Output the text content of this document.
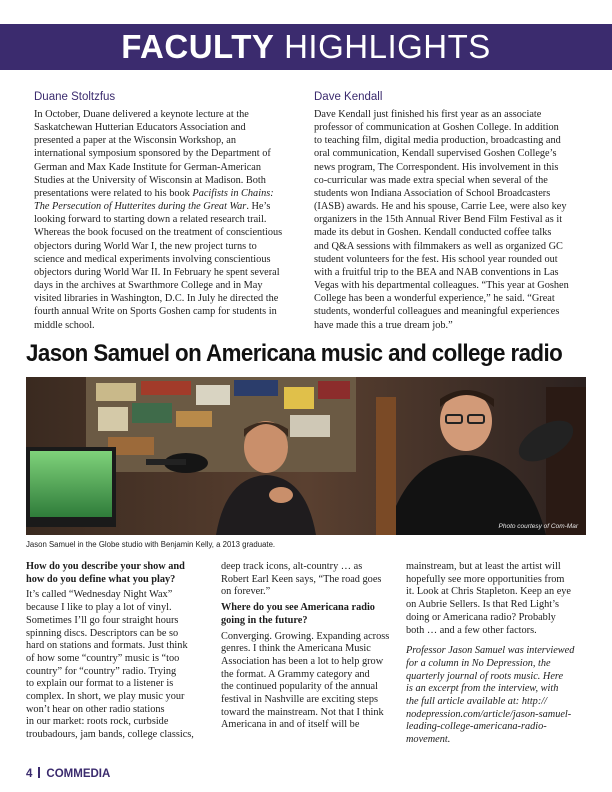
FACULTY HIGHLIGHTS
Duane Stoltzfus
In October, Duane delivered a keynote lecture at the
Saskatchewan Hutterian Educators Association and
presented a paper at the Wisconsin Workshop, an
international symposium sponsored by the Department of
German and Max Kade Institute for German-American
Studies at the University of Wisconsin at Madison. Both
presentations were related to his book Pacifists in Chains:
The Persecution of Hutterites during the Great War. He’s
looking forward to starting down a related research trail.
Whereas the book focused on the treatment of conscientious
objectors during World War I, the new project turns to
science and medical experiments involving conscientious
objectors during World War II. In February he spent several
days in the archives at Swarthmore College and in May
visited libraries in Washington, D.C. In July he directed the
fourth annual Write on Sports Goshen camp for students in
middle school.
Dave Kendall
Dave Kendall just finished his first year as an associate
professor of communication at Goshen College. In addition
to teaching film, digital media production, broadcasting and
oral communication, Kendall supervised Goshen College’s
news program, The Correspondent. His involvement in this
co-curricular was made extra special when several of the
students won Indiana Association of School Broadcasters
(IASB) awards. He and his spouse, Carrie Lee, were also key
organizers in the 15th Annual River Bend Film Festival as it
made its debut in Goshen. Kendall conducted coffee talks
and Q&A sessions with filmmakers as well as organized GC
student volunteers for the fest. His school year rounded out
with a fruitful trip to the BEA and NAB conventions in Las
Vegas with his departmental colleagues. “This year at Goshen
College has been a wonderful experience,” he said. “Great
students, wonderful colleagues and meaningful experiences
have made this a true dream job.”
Jason Samuel on Americana music and college radio
Photo courtesy of Com-Mar
Jason Samuel in the Globe studio with Benjamin Kelly, a 2013 graduate.

How do you describe your show and
how do you define what you play?

It’s called “Wednesday Night Wax”
because I like to play a lot of vinyl.
Sometimes I’ll go four straight hours
spinning discs. Descriptors can be so
hard on stations and formats. Just think
of how some “country” music is “too
country” for “country” radio. Trying
to explain our format to a listener is
complex. In short, we play music your
won’t hear on other radio stations
in our market: roots rock, curbside
troubadours, jam bands, college classics,

deep track icons, alt-country … as
Robert Earl Keen says, “The road goes
on forever.”

Where do you see Americana radio
going in the future?

Converging. Growing. Expanding across
genres. I think the Americana Music
Association has been a lot to help grow
the format. A Grammy category and
the continued popularity of the annual
festival in Nashville are exciting steps
toward the mainstream. Not that I think
Americana in and of itself will be

mainstream, but at least the artist will
hopefully see more opportunities from
it. Look at Chris Stapleton. Keep an eye
on Aubrie Sellers. Is that Red Light’s
doing or Americana radio? Probably
both … and a few other factors.

Professor Jason Samuel was interviewed
for a column in No Depression, the
quarterly journal of roots music. Here
is an excerpt from the interview, with
the full article available at: http://
nodepression.com/article/jason-samuel-
leading-college-americana-radio-
movement.

4 COMMEDIA
